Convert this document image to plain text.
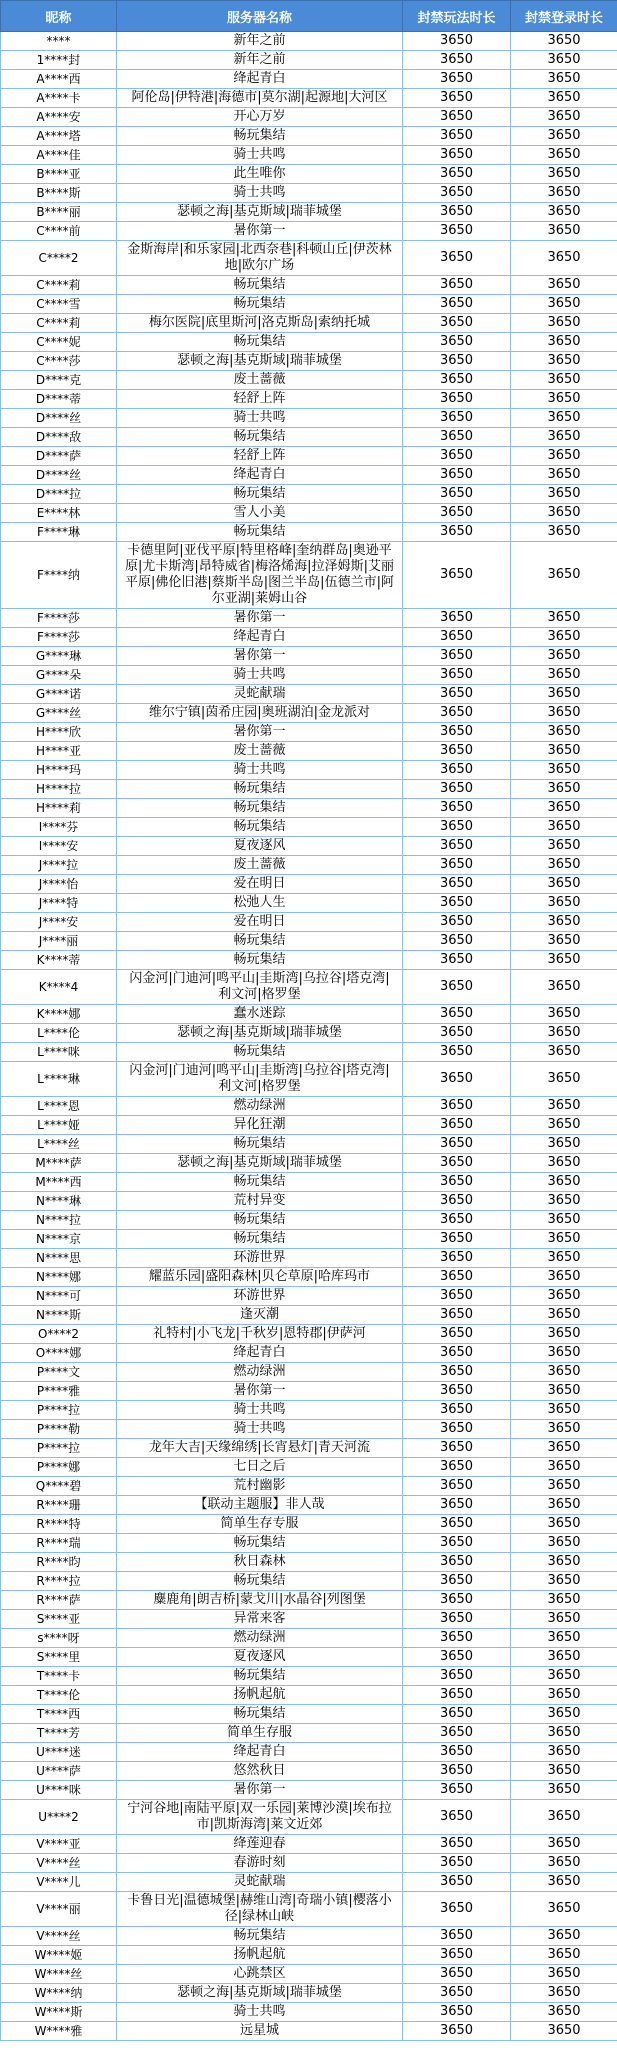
昵称	服务器名称	封禁玩法时长	封禁登录时长
****	新年之前	3650	3650
1****封	新年之前	3650	3650
A****西	绛起青白	3650	3650
A****卡	阿伦岛|伊特港|海德市|莫尔湖|起源地|大河区	3650	3650
A****安	开心万岁	3650	3650
A****塔	畅玩集结	3650	3650
A****佳	骑士共鸣	3650	3650
B****亚	此生唯你	3650	3650
B****斯	骑士共鸣	3650	3650
B****丽	瑟顿之海|基克斯域|瑞菲城堡	3650	3650
C****前	暑你第一	3650	3650
C****2	金斯海岸|和乐家园|北西奈巷|科顿山丘|伊茨林地|欧尔广场	3650	3650
C****莉	畅玩集结	3650	3650
C****雪	畅玩集结	3650	3650
C****莉	梅尔医院|底里斯河|洛克斯岛|索纳托城	3650	3650
C****妮	畅玩集结	3650	3650
C****莎	瑟顿之海|基克斯域|瑞菲城堡	3650	3650
D****克	废土蔷薇	3650	3650
D****蒂	轻舒上阵	3650	3650
D****丝	骑士共鸣	3650	3650
D****敌	畅玩集结	3650	3650
D****萨	轻舒上阵	3650	3650
D****丝	绛起青白	3650	3650
D****拉	畅玩集结	3650	3650
E****林	雪人小美	3650	3650
F****琳	畅玩集结	3650	3650
F****纳	卡德里阿|亚伐平原|特里格峰|奎纳群岛|奥逊平原|尤卡斯湾|昂特威省|梅洛烯海|拉泽姆斯|艾丽平原|佛伦旧港|蔡斯半岛|图兰半岛|伍德兰市|阿尔亚湖|莱姆山谷	3650	3650
F****莎	暑你第一	3650	3650
F****莎	绛起青白	3650	3650
G****琳	暑你第一	3650	3650
G****朵	骑士共鸣	3650	3650
G****诺	灵蛇献瑞	3650	3650
G****丝	维尔宁镇|茵希庄园|奥班湖泊|金龙派对	3650	3650
H****欣	暑你第一	3650	3650
H****亚	废土蔷薇	3650	3650
H****玛	骑士共鸣	3650	3650
H****拉	畅玩集结	3650	3650
H****莉	畅玩集结	3650	3650
I****芬	畅玩集结	3650	3650
I****安	夏夜逐风	3650	3650
J****拉	废土蔷薇	3650	3650
J****怡	爱在明日	3650	3650
J****特	松弛人生	3650	3650
J****安	爱在明日	3650	3650
J****丽	畅玩集结	3650	3650
K****蒂	畅玩集结	3650	3650
K****4	闪金河|门迪河|鸣平山|圭斯湾|乌拉谷|塔克湾|利文河|格罗堡	3650	3650
K****娜	蠢水迷踪	3650	3650
L****伦	瑟顿之海|基克斯域|瑞菲城堡	3650	3650
L****咪	畅玩集结	3650	3650
L****琳	闪金河|门迪河|鸣平山|圭斯湾|乌拉谷|塔克湾|利文河|格罗堡	3650	3650
L****恩	燃动绿洲	3650	3650
L****娅	异化狂潮	3650	3650
L****丝	畅玩集结	3650	3650
M****萨	瑟顿之海|基克斯域|瑞菲城堡	3650	3650
M****西	畅玩集结	3650	3650
N****琳	荒村异变	3650	3650
N****拉	畅玩集结	3650	3650
N****京	畅玩集结	3650	3650
N****思	环游世界	3650	3650
N****娜	耀蓝乐园|盛阳森林|贝仑草原|哈库玛市	3650	3650
N****可	环游世界	3650	3650
N****斯	逢灭潮	3650	3650
O****2	礼特村|小飞龙|千秋岁|恩特郡|伊萨河	3650	3650
O****娜	绛起青白	3650	3650
P****文	燃动绿洲	3650	3650
P****雅	暑你第一	3650	3650
P****拉	骑士共鸣	3650	3650
P****勒	骑士共鸣	3650	3650
P****拉	龙年大吉|天缘绵绣|长宵悬灯|青天河流	3650	3650
P****娜	七日之后	3650	3650
Q****碧	荒村幽影	3650	3650
R****珊	【联动主题服】非人哉	3650	3650
R****特	简单生存专服	3650	3650
R****瑞	畅玩集结	3650	3650
R****昀	秋日森林	3650	3650
R****拉	畅玩集结	3650	3650
R****萨	麋鹿角|朗吉桥|蒙戈川|水晶谷|列图堡	3650	3650
S****亚	异常来客	3650	3650
s****呀	燃动绿洲	3650	3650
S****里	夏夜逐风	3650	3650
T****卡	畅玩集结	3650	3650
T****伦	扬帆起航	3650	3650
T****西	畅玩集结	3650	3650
T****芳	简单生存服	3650	3650
U****迷	绛起青白	3650	3650
U****萨	悠然秋日	3650	3650
U****咪	暑你第一	3650	3650
U****2	宁河谷地|南陆平原|双一乐园|莱博沙漠|埃布拉市|凯斯海湾|莱文近郊	3650	3650
V****亚	绛莲迎春	3650	3650
V****丝	春游时刻	3650	3650
V****儿	灵蛇献瑞	3650	3650
V****丽	卡鲁日光|温德城堡|赫维山湾|奇瑞小镇|樱落小径|绿林山峡	3650	3650
V****丝	畅玩集结	3650	3650
W****姬	扬帆起航	3650	3650
W****丝	心跳禁区	3650	3650
W****纳	瑟顿之海|基克斯域|瑞菲城堡	3650	3650
W****斯	骑士共鸣	3650	3650
W****雅	远星城	3650	3650
